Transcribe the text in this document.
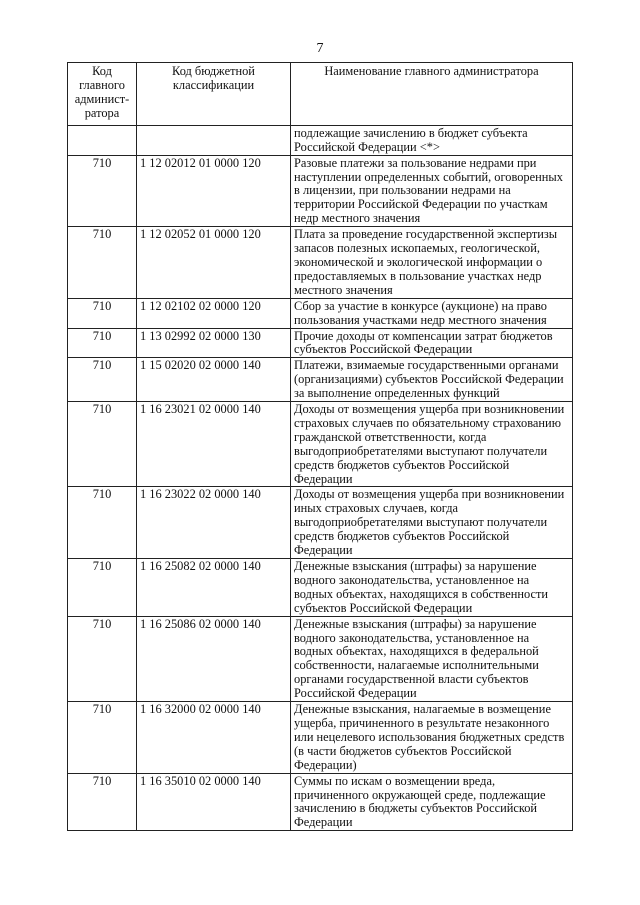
7
Код главного админист-ратора	Код бюджетной классификации	Наименование главного администратора
		подлежащие зачислению в бюджет субъекта Российской Федерации <*>
710	1 12 02012 01 0000 120	Разовые платежи за пользование недрами при наступлении определенных событий, оговоренных в лицензии, при пользовании недрами на территории Российской Федерации по участкам недр местного значения
710	1 12 02052 01 0000 120	Плата за проведение государственной экспертизы запасов полезных ископаемых, геологической, экономической и экологической информации о предоставляемых в пользование участках недр местного значения
710	1 12 02102 02 0000 120	Сбор за участие в конкурсе (аукционе) на право пользования участками недр местного значения
710	1 13 02992 02 0000 130	Прочие доходы от компенсации затрат бюджетов субъектов Российской Федерации
710	1 15 02020 02 0000 140	Платежи, взимаемые государственными органами (организациями) субъектов Российской Федерации за выполнение определенных функций
710	1 16 23021 02 0000 140	Доходы от возмещения ущерба при возникновении страховых случаев по обязательному страхованию гражданской ответственности, когда выгодоприобретателями выступают получатели средств бюджетов субъектов Российской Федерации
710	1 16 23022 02 0000 140	Доходы от возмещения ущерба при возникновении иных страховых случаев, когда выгодоприобретателями выступают получатели средств бюджетов субъектов Российской Федерации
710	1 16 25082 02 0000 140	Денежные взыскания (штрафы) за нарушение водного законодательства, установленное на водных объектах, находящихся в собственности субъектов Российской Федерации
710	1 16 25086 02 0000 140	Денежные взыскания (штрафы) за нарушение водного законодательства, установленное на водных объектах, находящихся в федеральной собственности, налагаемые исполнительными органами государственной власти субъектов Российской Федерации
710	1 16 32000 02 0000 140	Денежные взыскания, налагаемые в возмещение ущерба, причиненного в результате незаконного или нецелевого использования бюджетных средств (в части бюджетов субъектов Российской Федерации)
710	1 16 35010 02 0000 140	Суммы по искам о возмещении вреда, причиненного окружающей среде, подлежащие зачислению в бюджеты субъектов Российской Федерации
